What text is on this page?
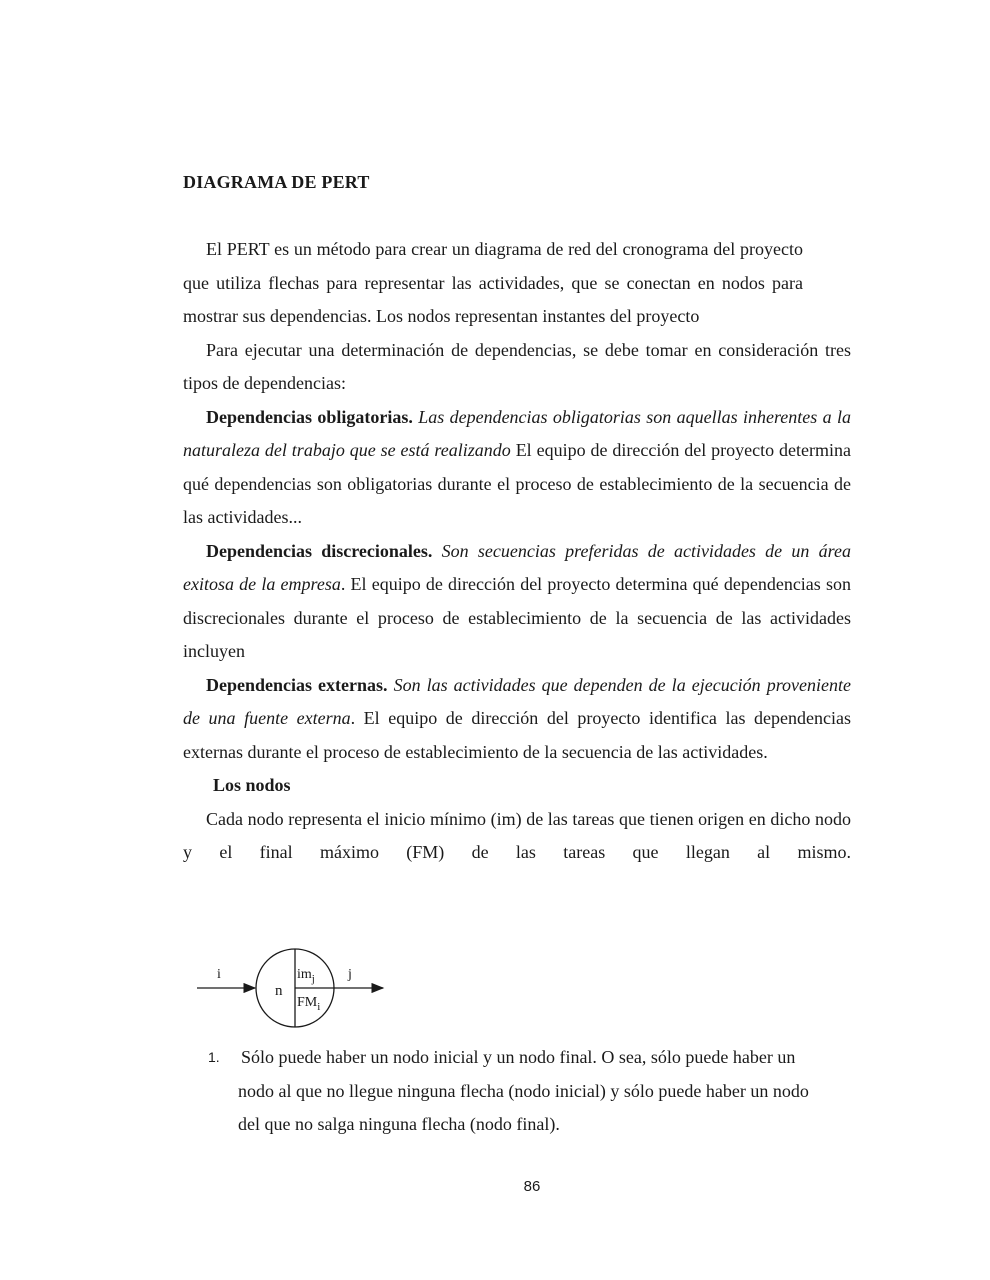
DIAGRAMA DE PERT

El PERT es un método para crear un diagrama de red del cronograma del proyecto que utiliza flechas para representar las actividades, que se conectan en nodos para mostrar sus dependencias. Los nodos representan instantes del proyecto

Para ejecutar una determinación de dependencias, se debe tomar en consideración tres tipos de dependencias:

Dependencias obligatorias. Las dependencias obligatorias son aquellas inherentes a la naturaleza del trabajo que se está realizando El equipo de dirección del proyecto determina qué dependencias son obligatorias durante el proceso de establecimiento de la secuencia de las actividades...

Dependencias discrecionales. Son secuencias preferidas de actividades de un área exitosa de la empresa. El equipo de dirección del proyecto determina qué dependencias son discrecionales durante el proceso de establecimiento de la secuencia de las actividades incluyen

Dependencias externas. Son las actividades que dependen de la ejecución proveniente de una fuente externa. El equipo de dirección del proyecto identifica las dependencias externas durante el proceso de establecimiento de la secuencia de las actividades.

Los nodos

Cada nodo representa el inicio mínimo (im) de las tareas que tienen origen en dicho nodo y el final máximo (FM) de las tareas que llegan al mismo.

i	j
n
$im_j$
$FM_i$
1. Sólo puede haber un nodo inicial y un nodo final. O sea, sólo puede haber un nodo al que no llegue ninguna flecha (nodo inicial) y sólo puede haber un nodo del que no salga ninguna flecha (nodo final).
86
